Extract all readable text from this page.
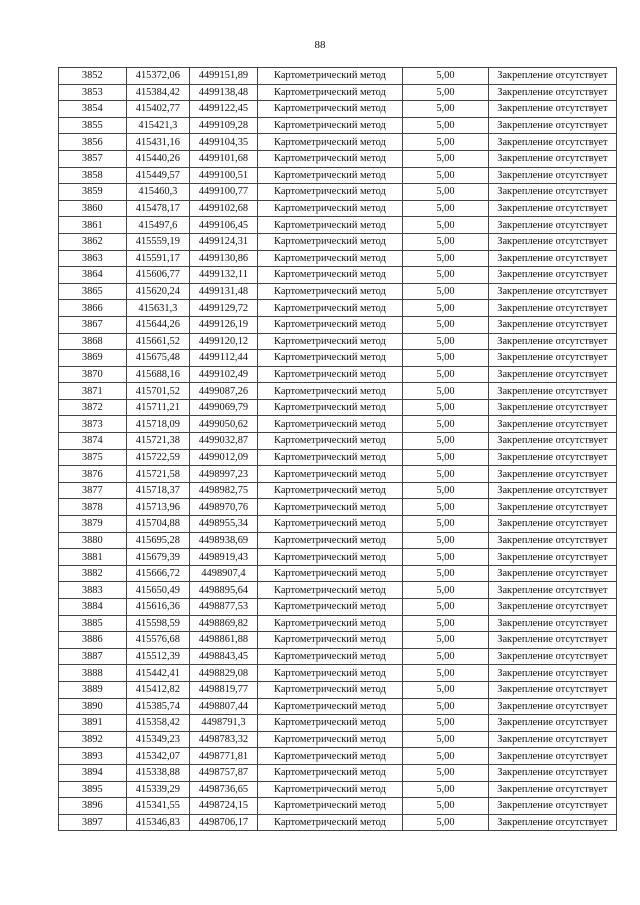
88
3852	415372,06	4499151,89	Картометрический метод	5,00	Закрепление отсутствует
3853	415384,42	4499138,48	Картометрический метод	5,00	Закрепление отсутствует
3854	415402,77	4499122,45	Картометрический метод	5,00	Закрепление отсутствует
3855	415421,3	4499109,28	Картометрический метод	5,00	Закрепление отсутствует
3856	415431,16	4499104,35	Картометрический метод	5,00	Закрепление отсутствует
3857	415440,26	4499101,68	Картометрический метод	5,00	Закрепление отсутствует
3858	415449,57	4499100,51	Картометрический метод	5,00	Закрепление отсутствует
3859	415460,3	4499100,77	Картометрический метод	5,00	Закрепление отсутствует
3860	415478,17	4499102,68	Картометрический метод	5,00	Закрепление отсутствует
3861	415497,6	4499106,45	Картометрический метод	5,00	Закрепление отсутствует
3862	415559,19	4499124,31	Картометрический метод	5,00	Закрепление отсутствует
3863	415591,17	4499130,86	Картометрический метод	5,00	Закрепление отсутствует
3864	415606,77	4499132,11	Картометрический метод	5,00	Закрепление отсутствует
3865	415620,24	4499131,48	Картометрический метод	5,00	Закрепление отсутствует
3866	415631,3	4499129,72	Картометрический метод	5,00	Закрепление отсутствует
3867	415644,26	4499126,19	Картометрический метод	5,00	Закрепление отсутствует
3868	415661,52	4499120,12	Картометрический метод	5,00	Закрепление отсутствует
3869	415675,48	4499112,44	Картометрический метод	5,00	Закрепление отсутствует
3870	415688,16	4499102,49	Картометрический метод	5,00	Закрепление отсутствует
3871	415701,52	4499087,26	Картометрический метод	5,00	Закрепление отсутствует
3872	415711,21	4499069,79	Картометрический метод	5,00	Закрепление отсутствует
3873	415718,09	4499050,62	Картометрический метод	5,00	Закрепление отсутствует
3874	415721,38	4499032,87	Картометрический метод	5,00	Закрепление отсутствует
3875	415722,59	4499012,09	Картометрический метод	5,00	Закрепление отсутствует
3876	415721,58	4498997,23	Картометрический метод	5,00	Закрепление отсутствует
3877	415718,37	4498982,75	Картометрический метод	5,00	Закрепление отсутствует
3878	415713,96	4498970,76	Картометрический метод	5,00	Закрепление отсутствует
3879	415704,88	4498955,34	Картометрический метод	5,00	Закрепление отсутствует
3880	415695,28	4498938,69	Картометрический метод	5,00	Закрепление отсутствует
3881	415679,39	4498919,43	Картометрический метод	5,00	Закрепление отсутствует
3882	415666,72	4498907,4	Картометрический метод	5,00	Закрепление отсутствует
3883	415650,49	4498895,64	Картометрический метод	5,00	Закрепление отсутствует
3884	415616,36	4498877,53	Картометрический метод	5,00	Закрепление отсутствует
3885	415598,59	4498869,82	Картометрический метод	5,00	Закрепление отсутствует
3886	415576,68	4498861,88	Картометрический метод	5,00	Закрепление отсутствует
3887	415512,39	4498843,45	Картометрический метод	5,00	Закрепление отсутствует
3888	415442,41	4498829,08	Картометрический метод	5,00	Закрепление отсутствует
3889	415412,82	4498819,77	Картометрический метод	5,00	Закрепление отсутствует
3890	415385,74	4498807,44	Картометрический метод	5,00	Закрепление отсутствует
3891	415358,42	4498791,3	Картометрический метод	5,00	Закрепление отсутствует
3892	415349,23	4498783,32	Картометрический метод	5,00	Закрепление отсутствует
3893	415342,07	4498771,81	Картометрический метод	5,00	Закрепление отсутствует
3894	415338,88	4498757,87	Картометрический метод	5,00	Закрепление отсутствует
3895	415339,29	4498736,65	Картометрический метод	5,00	Закрепление отсутствует
3896	415341,55	4498724,15	Картометрический метод	5,00	Закрепление отсутствует
3897	415346,83	4498706,17	Картометрический метод	5,00	Закрепление отсутствует
